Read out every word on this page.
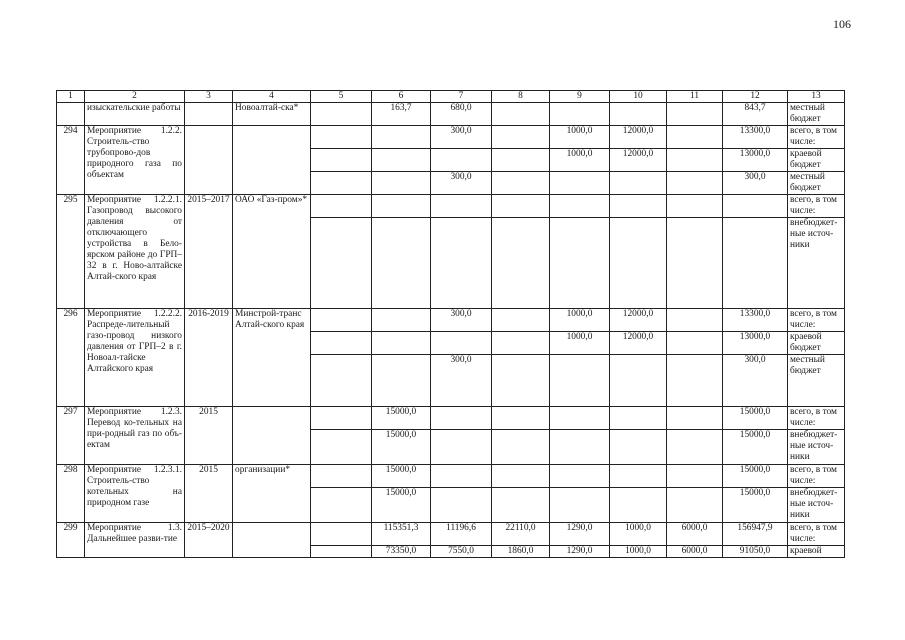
106
1	2	3	4	5	6	7	8	9	10	11	12	13
	изыскательские работы		Новоалтай-ска*		163,7	680,0					843,7	местный бюджет
294	Мероприятие 1.2.2. Строитель-ство трубопрово-дов природного газа по объектам					300,0		1000,0	12000,0		13300,0	всего, в том числе:
								1000,0	12000,0		13000,0	краевой бюджет
						300,0					300,0	местный бюджет
295	Мероприятие 1.2.2.1. Газопровод высокого давления от отключающего устройства в Бело-ярском районе до ГРП–32 в г. Ново-алтайске Алтай-ского края	2015–2017	ОАО «Газ-пром»*									всего, в том числе:
												внебюджет-ные источ-ники
296	Мероприятие 1.2.2.2. Распреде-лительный газо-провод низкого давления от ГРП–2 в г. Новоал-тайске Алтайского края	2016-2019	Минстрой-транс Алтай-ского края			300,0		1000,0	12000,0		13300,0	всего, в том числе:
								1000,0	12000,0		13000,0	краевой бюджет
						300,0					300,0	местный бюджет
297	Мероприятие 1.2.3. Перевод ко-тельных на при-родный газ по объ-ектам	2015			15000,0						15000,0	всего, в том числе:
					15000,0						15000,0	внебюджет-ные источ-ники
298	Мероприятие 1.2.3.1. Строитель-ство котельных на природном газе	2015	организации*		15000,0						15000,0	всего, в том числе:
					15000,0						15000,0	внебюджет-ные источ-ники
299	Мероприятие 1.3. Дальнейшее разви-тие	2015–2020			115351,3	11196,6	22110,0	1290,0	1000,0	6000,0	156947,9	всего, в том числе:
					73350,0	7550,0	1860,0	1290,0	1000,0	6000,0	91050,0	краевой
